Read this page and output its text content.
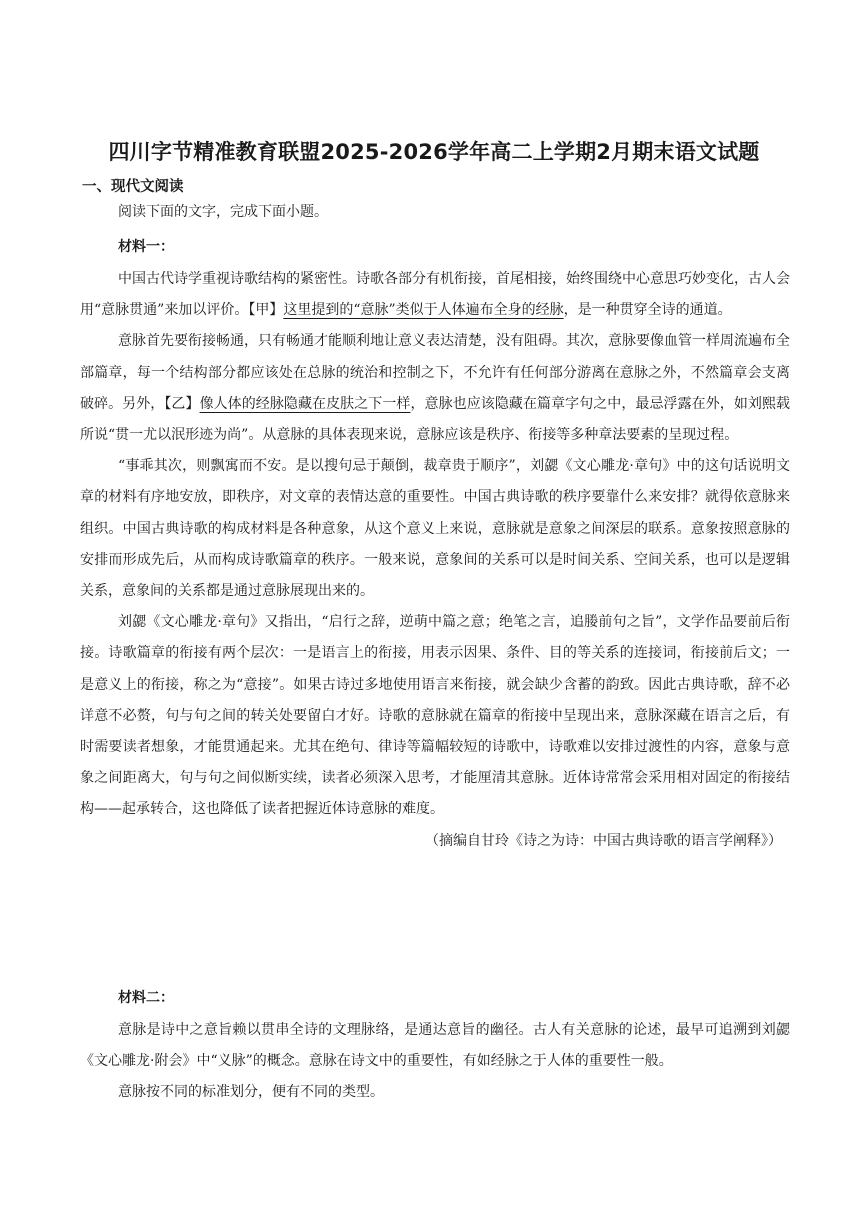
四川字节精准教育联盟2025-2026学年高二上学期2月期末语文试题
一、现代文阅读
阅读下面的文字，完成下面小题。
材料一：

中国古代诗学重视诗歌结构的紧密性。诗歌各部分有机衔接，首尾相接，始终围绕中心意思巧妙变化，古人会用“意脉贯通”来加以评价。【甲】这里提到的“意脉”类似于人体遍布全身的经脉，是一种贯穿全诗的通道。

意脉首先要衔接畅通，只有畅通才能顺利地让意义表达清楚，没有阻碍。其次，意脉要像血管一样周流遍布全部篇章，每一个结构部分都应该处在总脉的统治和控制之下，不允许有任何部分游离在意脉之外，不然篇章会支离破碎。另外，【乙】像人体的经脉隐藏在皮肤之下一样，意脉也应该隐藏在篇章字句之中，最忌浮露在外，如刘熙载所说“贯一尤以泯形迹为尚”。从意脉的具体表现来说，意脉应该是秩序、衔接等多种章法要素的呈现过程。

“事乖其次，则飘寓而不安。是以搜句忌于颠倒，裁章贵于顺序”，刘勰《文心雕龙·章句》中的这句话说明文章的材料有序地安放，即秩序，对文章的表情达意的重要性。中国古典诗歌的秩序要靠什么来安排？就得依意脉来组织。中国古典诗歌的构成材料是各种意象，从这个意义上来说，意脉就是意象之间深层的联系。意象按照意脉的安排而形成先后，从而构成诗歌篇章的秩序。一般来说，意象间的关系可以是时间关系、空间关系，也可以是逻辑关系，意象间的关系都是通过意脉展现出来的。

刘勰《文心雕龙·章句》又指出，“启行之辞，逆萌中篇之意；绝笔之言，追媵前句之旨”，文学作品要前后衔接。诗歌篇章的衔接有两个层次：一是语言上的衔接，用表示因果、条件、目的等关系的连接词，衔接前后文；一是意义上的衔接，称之为“意接”。如果古诗过多地使用语言来衔接，就会缺少含蓄的韵致。因此古典诗歌，辞不必详意不必赘，句与句之间的转关处要留白才好。诗歌的意脉就在篇章的衔接中呈现出来，意脉深藏在语言之后，有时需要读者想象，才能贯通起来。尤其在绝句、律诗等篇幅较短的诗歌中，诗歌难以安排过渡性的内容，意象与意象之间距离大，句与句之间似断实续，读者必须深入思考，才能厘清其意脉。近体诗常常会采用相对固定的衔接结构——起承转合，这也降低了读者把握近体诗意脉的难度。

（摘编自甘玲《诗之为诗：中国古典诗歌的语言学阐释》）

材料二：

意脉是诗中之意旨赖以贯串全诗的文理脉络，是通达意旨的幽径。古人有关意脉的论述，最早可追溯到刘勰《文心雕龙·附会》中“义脉”的概念。意脉在诗文中的重要性，有如经脉之于人体的重要性一般。

意脉按不同的标准划分，便有不同的类型。
